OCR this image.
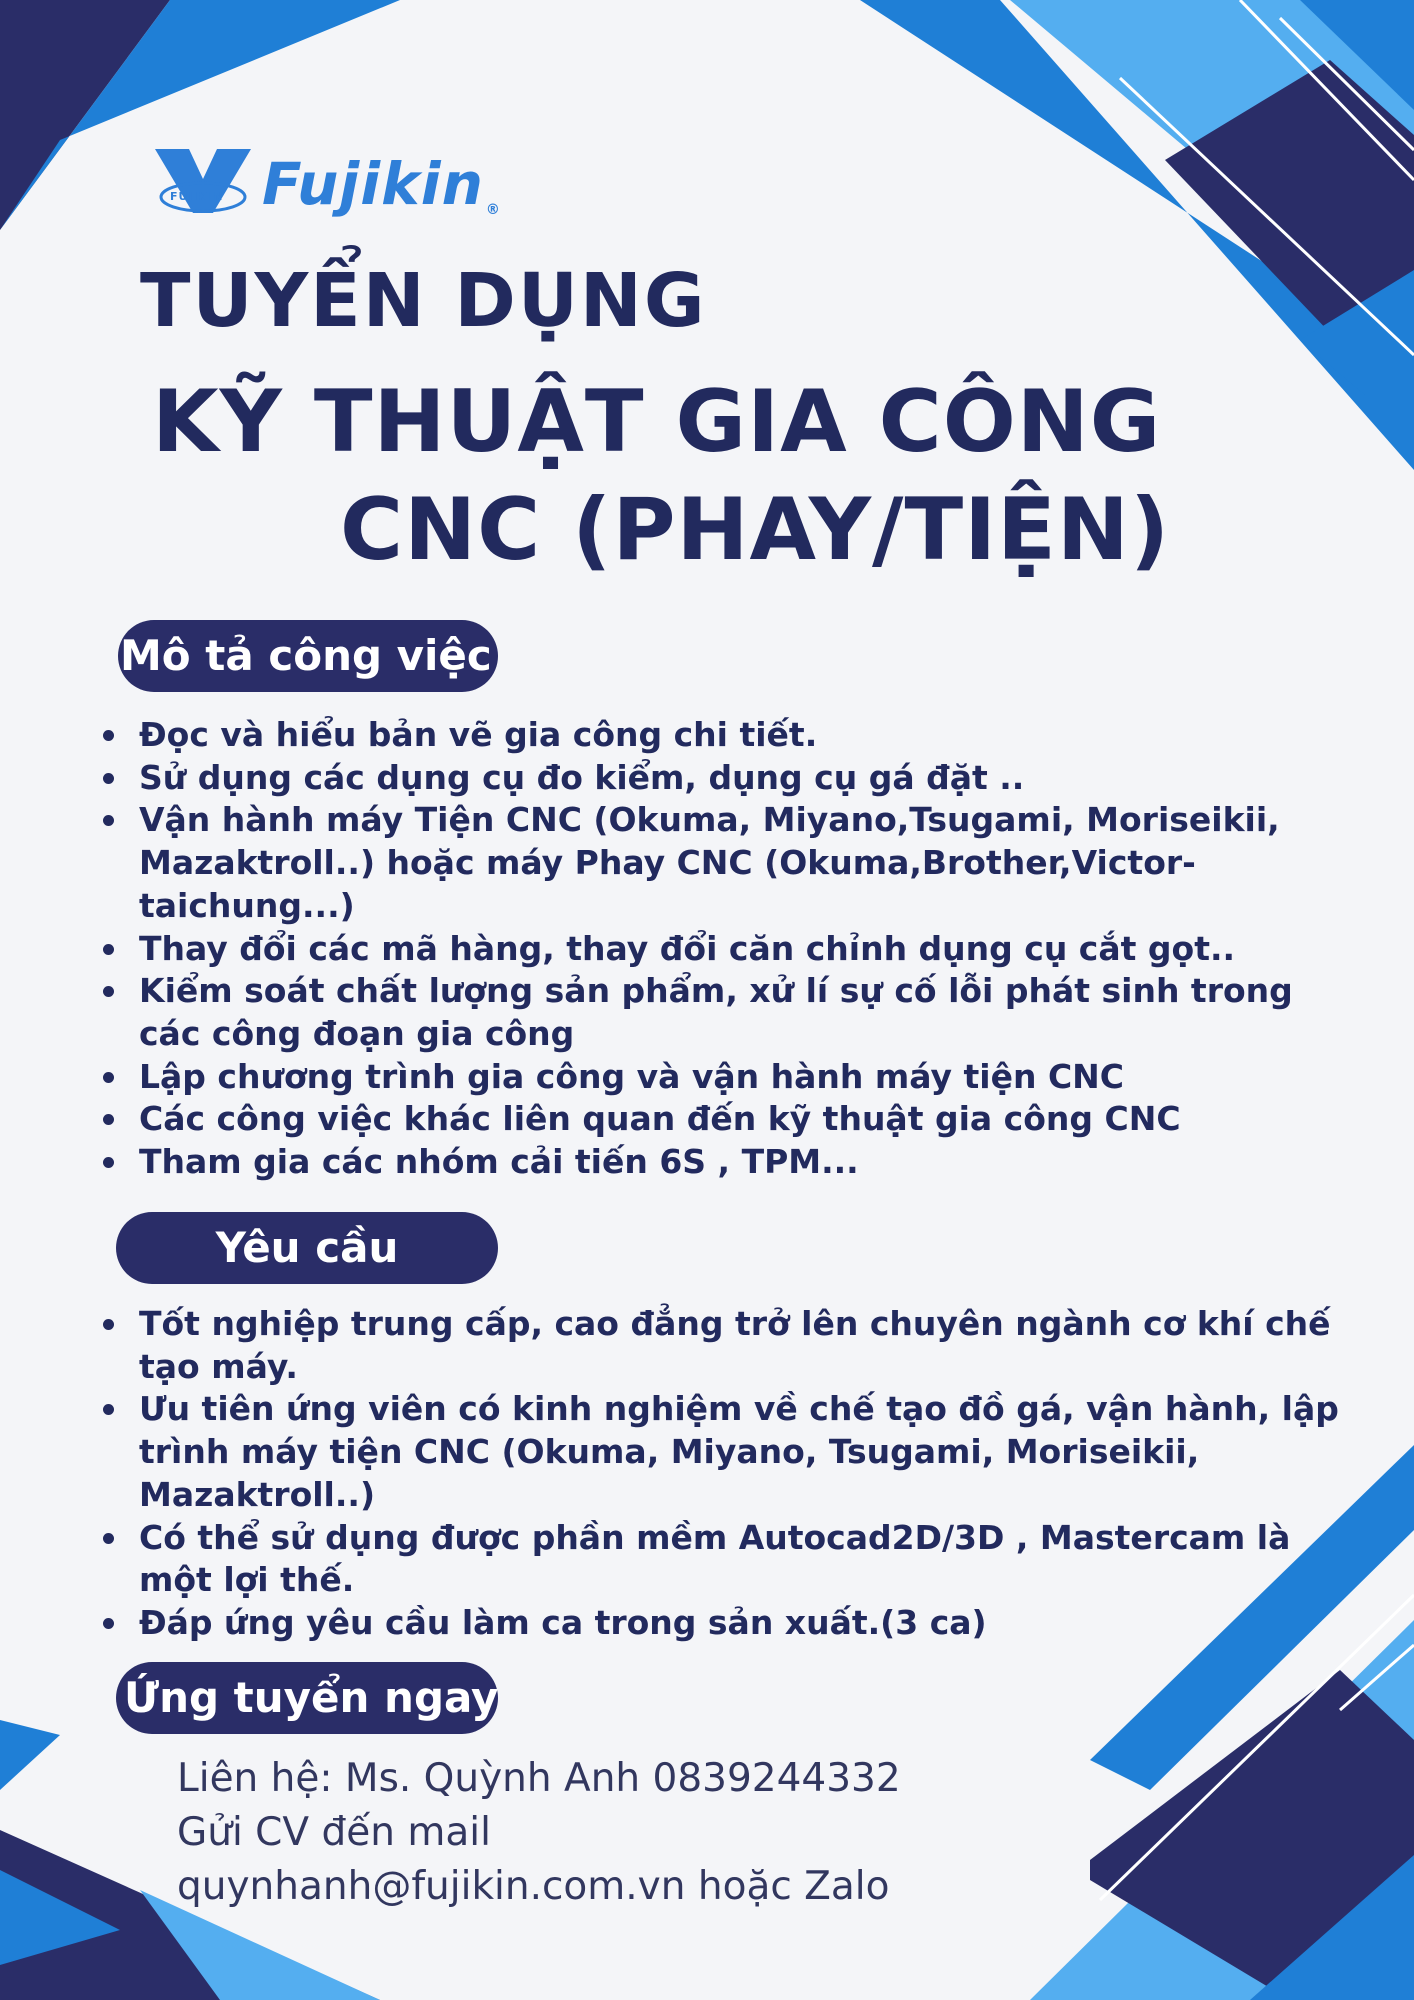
Fujikin ®
FUJIKIN
TUYỂN DỤNG
KỸ THUẬT GIA CÔNG
CNC (PHAY/TIỆN)
Mô tả công việc
Đọc và hiểu bản vẽ gia công chi tiết.
Sử dụng các dụng cụ đo kiểm, dụng cụ gá đặt ..
Vận hành máy Tiện CNC (Okuma, Miyano,Tsugami, Moriseikii, Mazaktroll..) hoặc máy Phay CNC (Okuma,Brother,Victor-taichung...)
Thay đổi các mã hàng, thay đổi căn chỉnh dụng cụ cắt gọt..
Kiểm soát chất lượng sản phẩm, xử lí sự cố lỗi phát sinh trong các công đoạn gia công
Lập chương trình gia công và vận hành máy tiện CNC
Các công việc khác liên quan đến kỹ thuật gia công CNC
Tham gia các nhóm cải tiến 6S , TPM...
Yêu cầu
Tốt nghiệp trung cấp, cao đẳng trở lên chuyên ngành cơ khí chế tạo máy.
Ưu tiên ứng viên có kinh nghiệm về chế tạo đồ gá, vận hành, lập trình máy tiện CNC (Okuma, Miyano, Tsugami, Moriseikii, Mazaktroll..)
Có thể sử dụng được phần mềm Autocad2D/3D , Mastercam là một lợi thế.
Đáp ứng yêu cầu làm ca trong sản xuất.(3 ca)
Ứng tuyển ngay
Liên hệ: Ms. Quỳnh Anh 0839244332
Gửi CV đến mail
quynhanh@fujikin.com.vn hoặc Zalo
